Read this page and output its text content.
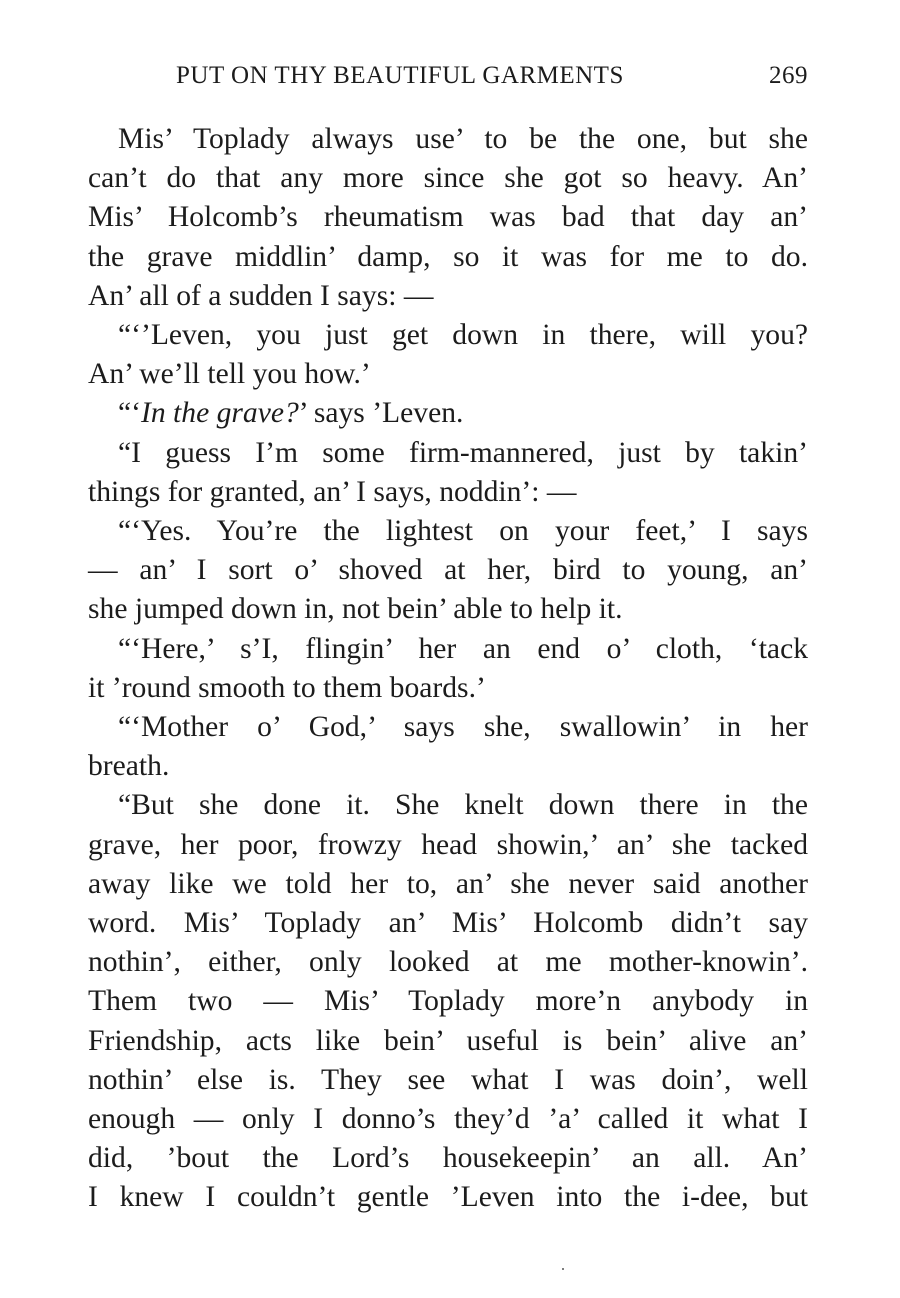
PUT ON THY BEAUTIFUL GARMENTS	269

Mis’ Toplady always use’ to be the one, but she
can’t do that any more since she got so heavy. An’
Mis’ Holcomb’s rheumatism was bad that day an’
the grave middlin’ damp, so it was for me to do.
An’ all of a sudden I says: —

“‘’Leven, you just get down in there, will you?
An’ we’ll tell you how.’

“‘In the grave?’ says ’Leven.

“I guess I’m some firm-mannered, just by takin’
things for granted, an’ I says, noddin’: —

“‘Yes. You’re the lightest on your feet,’ I says
— an’ I sort o’ shoved at her, bird to young, an’
she jumped down in, not bein’ able to help it.

“‘Here,’ s’I, flingin’ her an end o’ cloth, ‘tack
it ’round smooth to them boards.’

“‘Mother o’ God,’ says she, swallowin’ in her
breath.

“But she done it. She knelt down there in the
grave, her poor, frowzy head showin,’ an’ she tacked
away like we told her to, an’ she never said another
word. Mis’ Toplady an’ Mis’ Holcomb didn’t say
nothin’, either, only looked at me mother-knowin’.
Them two — Mis’ Toplady more’n anybody in
Friendship, acts like bein’ useful is bein’ alive an’
nothin’ else is. They see what I was doin’, well
enough — only I donno’s they’d ’a’ called it what I
did, ’bout the Lord’s housekeepin’ an all. An’
I knew I couldn’t gentle ’Leven into the i-dee, but
